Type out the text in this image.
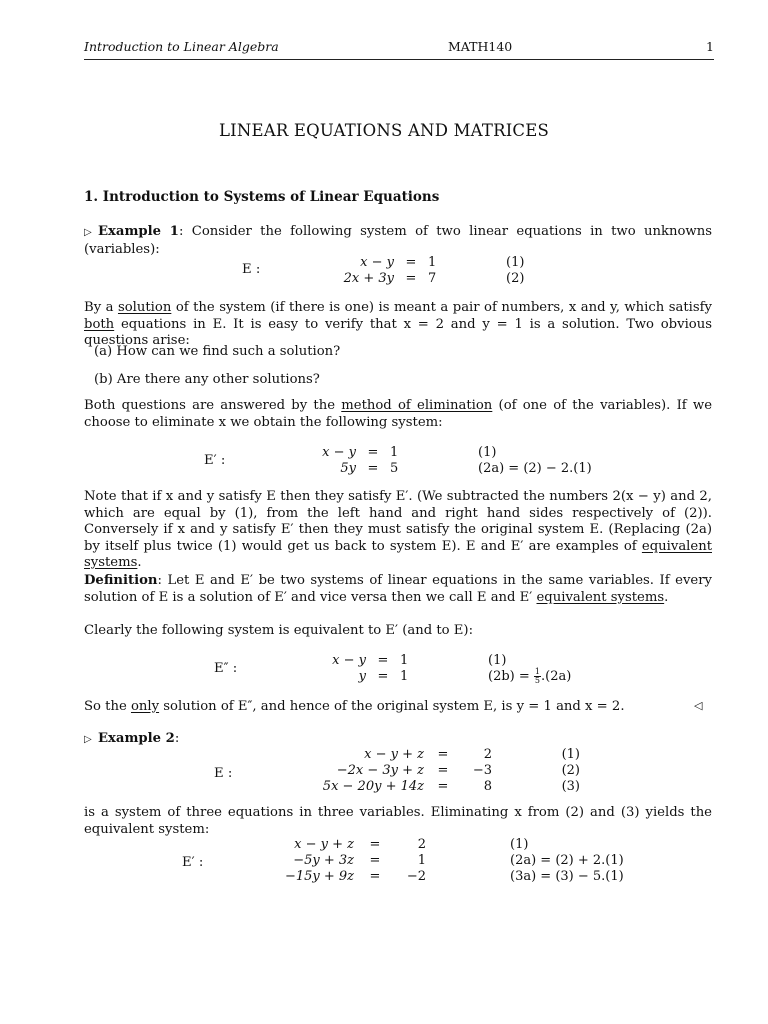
Introduction to Linear Algebra	MATH140	1
LINEAR EQUATIONS AND MATRICES
1. Introduction to Systems of Linear Equations
▷ Example 1: Consider the following system of two linear equations in two unknowns (variables):
E :	x − y	=	1	(1)
2x + 3y	=	7	(2)
By a solution of the system (if there is one) is meant a pair of numbers, x and y, which satisfy both equations in E. It is easy to verify that x = 2 and y = 1 is a solution. Two obvious questions arise:
(a) How can we find such a solution?
(b) Are there any other solutions?
Both questions are answered by the method of elimination (of one of the variables). If we choose to eliminate x we obtain the following system:
E′ :
x − y	=	1	(1)
5y	=	5	(2a) = (2) − 2.(1)
Note that if x and y satisfy E then they satisfy E′. (We subtracted the numbers 2(x − y) and 2, which are equal by (1), from the left hand and right hand sides respectively of (2)). Conversely if x and y satisfy E′ then they must satisfy the original system E. (Replacing (2a) by itself plus twice (1) would get us back to system E). E and E′ are examples of equivalent systems.
Definition: Let E and E′ be two systems of linear equations in the same variables. If every solution of E is a solution of E′ and vice versa then we call E and E′ equivalent systems.
Clearly the following system is equivalent to E′ (and to E):
E″ :
x − y	=	1	(1)
y	=	1	$(2b) = \frac{1}{5} .(2a)$
So the only solution of E″, and hence of the original system E, is y = 1 and x = 2.	◁
▷ Example 2:
E :
x − y + z	=	2	(1)
−2x − 3y + z	=	−3	(2)
5x − 20y + 14z	=	8	(3)
is a system of three equations in three variables. Eliminating x from (2) and (3) yields the equivalent system:
E′ :
x − y + z	=	2	(1)
−5y + 3z	=	1	(2a) = (2) + 2.(1)
−15y + 9z	=	−2	(3a) = (3) − 5.(1)
